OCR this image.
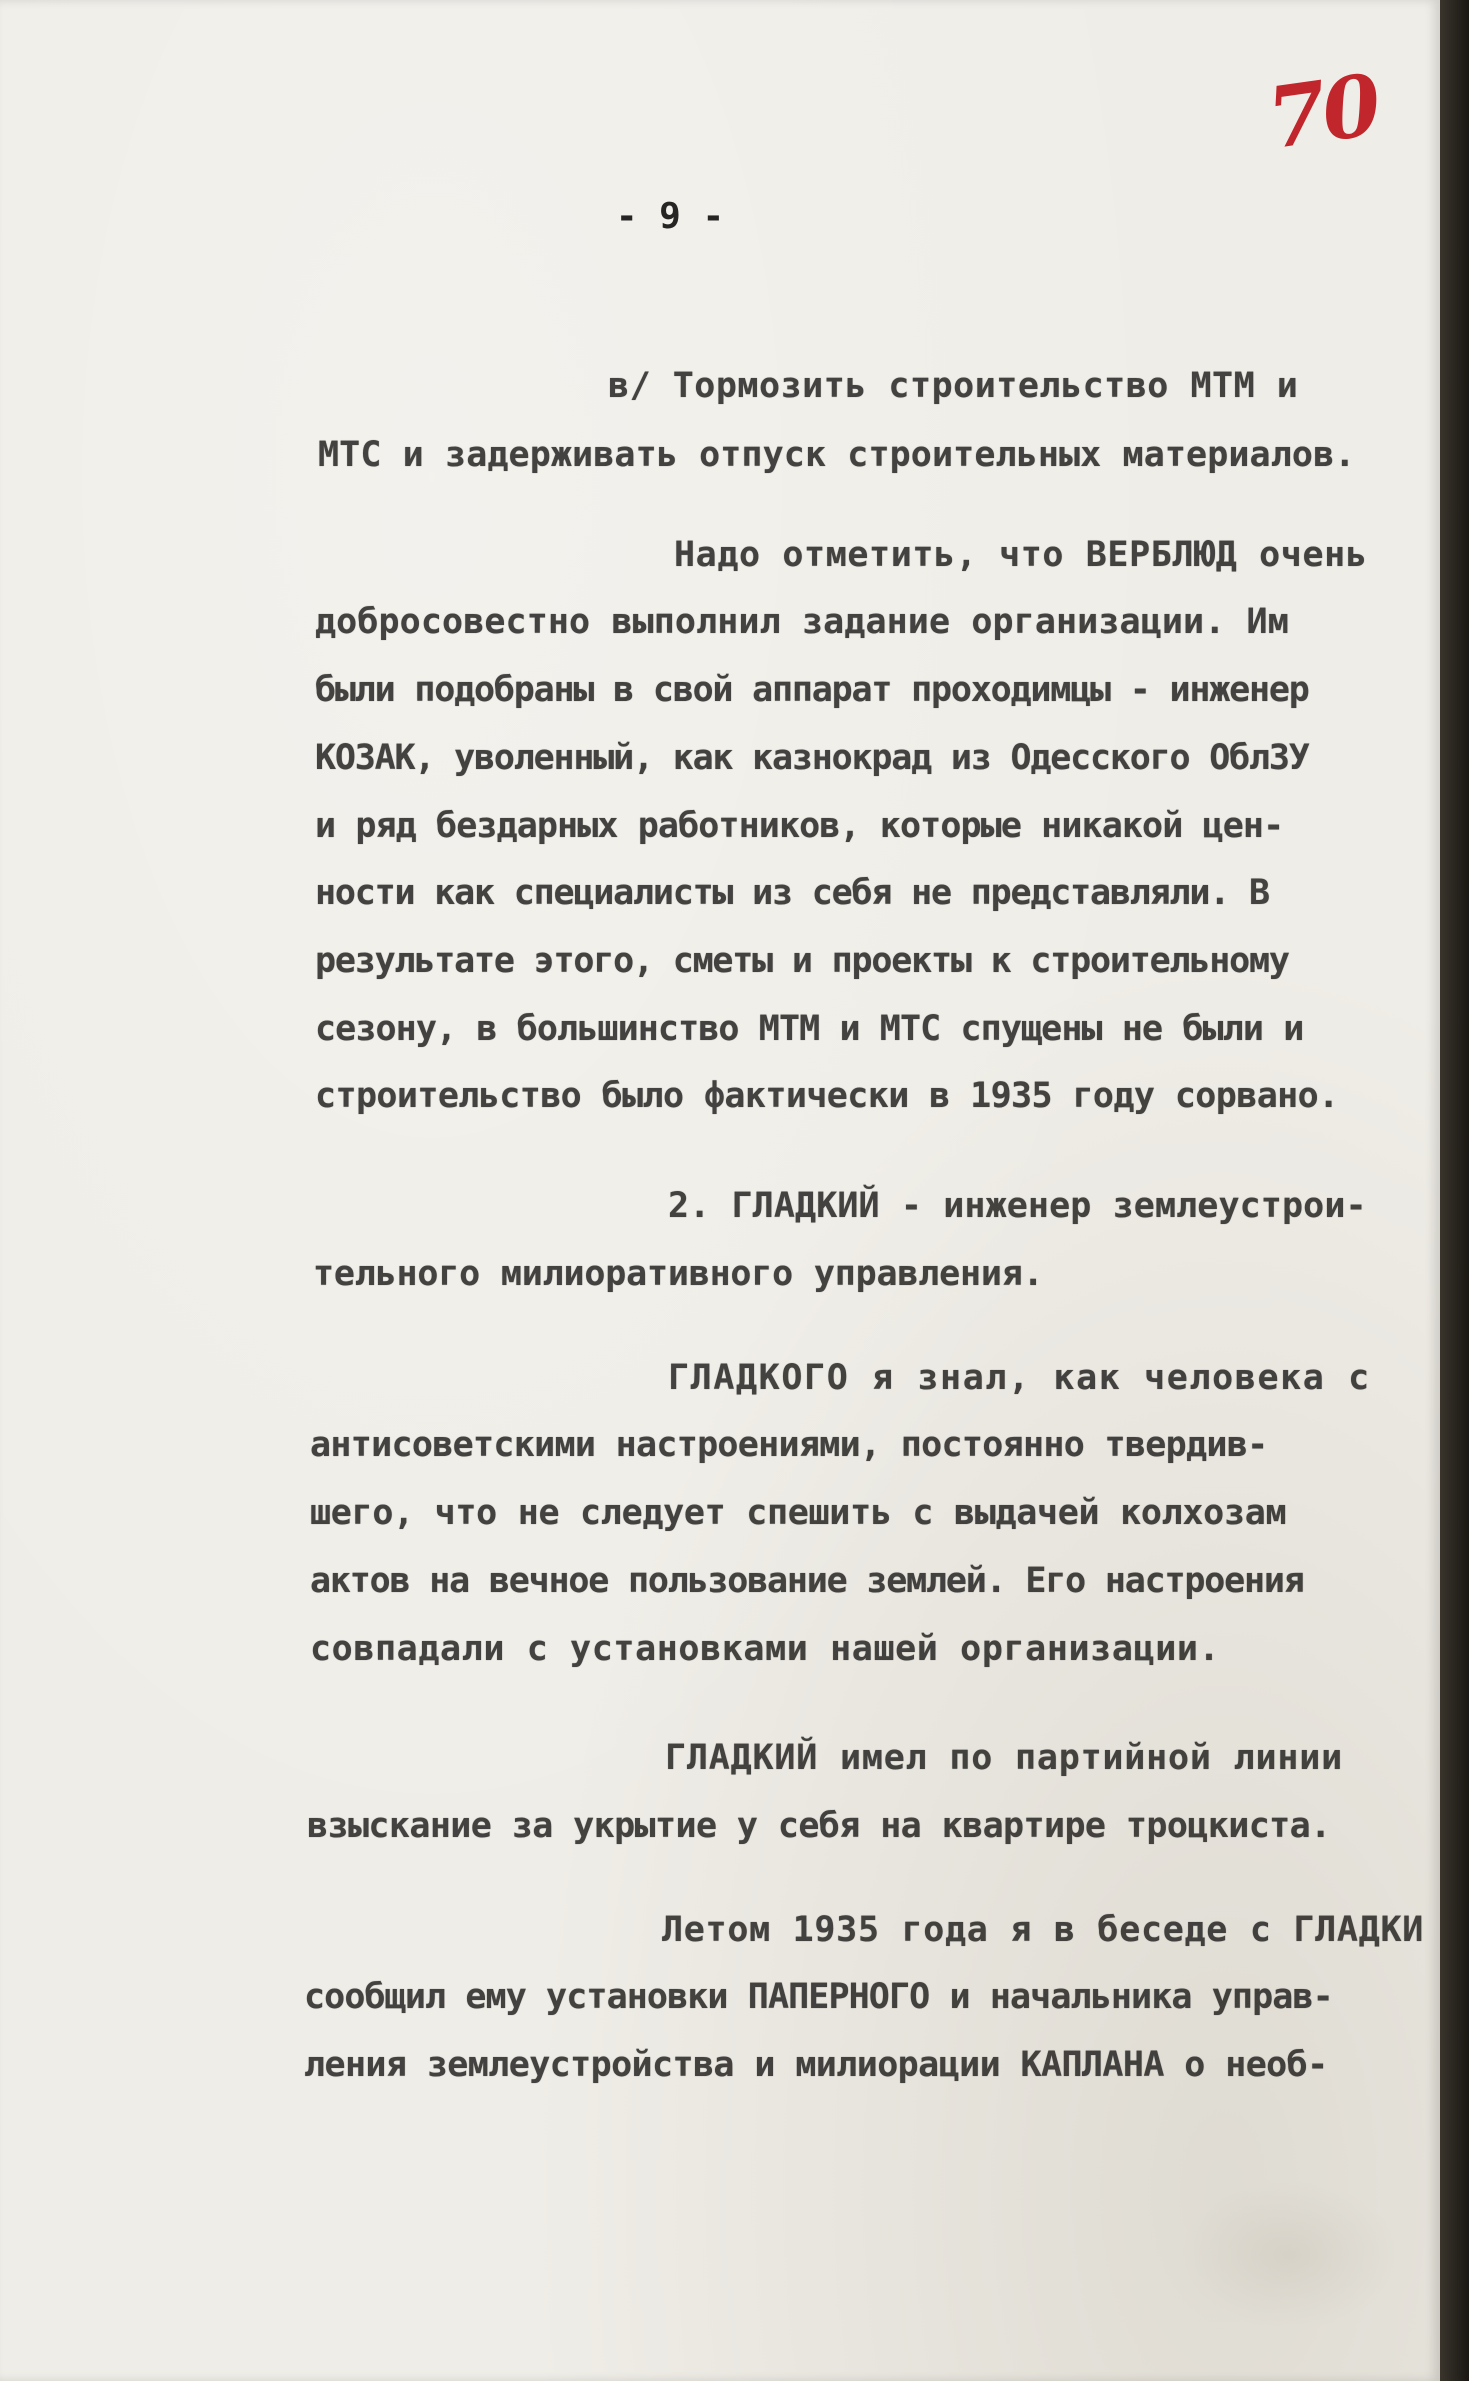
70
- 9 -
в/ Тормозить строительство МТМ и
МТС и задерживать отпуск строительных материалов.
Надо отметить, что ВЕРБЛЮД очень
добросовестно выполнил задание организации. Им
были подобраны в свой аппарат проходимцы - инженер
КОЗАК, уволенный, как казнокрад из Одесского ОблЗУ
и ряд бездарных работников, которые никакой цен-
ности как специалисты из себя не представляли. В
результате этого, сметы и проекты к строительному
сезону, в большинство МТМ и МТС спущены не были и
строительство было фактически в 1935 году сорвано.
2. ГЛАДКИЙ - инженер землеустрои-
тельного милиоративного управления.
ГЛАДКОГО я знал, как человека с
антисоветскими настроениями, постоянно твердив-
шего, что не следует спешить с выдачей колхозам
актов на вечное пользование землей. Его настроения
совпадали с установками нашей организации.
ГЛАДКИЙ имел по партийной линии
взыскание за укрытие у себя на квартире троцкиста.
Летом 1935 года я в беседе с ГЛАДКИ
сообщил ему установки ПАПЕРНОГО и начальника управ-
ления землеустройства и милиорации КАПЛАНА о необ-
